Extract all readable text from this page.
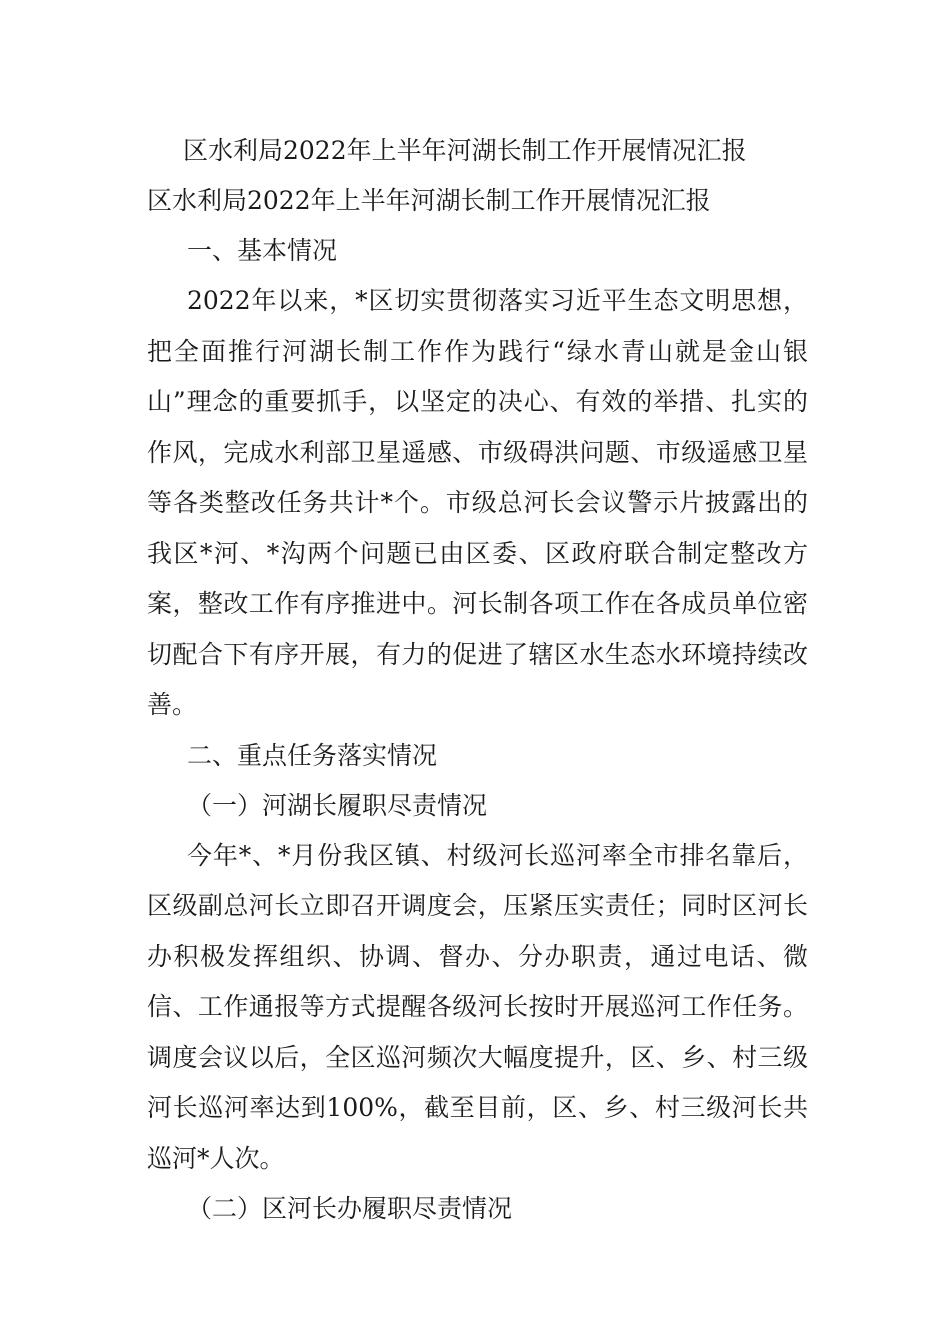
区水利局2022年上半年河湖长制工作开展情况汇报
区水利局2022年上半年河湖长制工作开展情况汇报
一、基本情况

2022年以来，*区切实贯彻落实习近平生态文明思想，把全面推行河湖长制工作作为践行“绿水青山就是金山银山”理念的重要抓手，以坚定的决心、有效的举措、扎实的作风，完成水利部卫星遥感、市级碍洪问题、市级遥感卫星等各类整改任务共计*个。市级总河长会议警示片披露出的我区*河、*沟两个问题已由区委、区政府联合制定整改方案，整改工作有序推进中。河长制各项工作在各成员单位密切配合下有序开展，有力的促进了辖区水生态水环境持续改善。

二、重点任务落实情况
（一）河湖长履职尽责情况

今年*、*月份我区镇、村级河长巡河率全市排名靠后，区级副总河长立即召开调度会，压紧压实责任；同时区河长办积极发挥组织、协调、督办、分办职责，通过电话、微信、工作通报等方式提醒各级河长按时开展巡河工作任务。调度会议以后，全区巡河频次大幅度提升，区、乡、村三级河长巡河率达到100%，截至目前，区、乡、村三级河长共巡河*人次。

（二）区河长办履职尽责情况
